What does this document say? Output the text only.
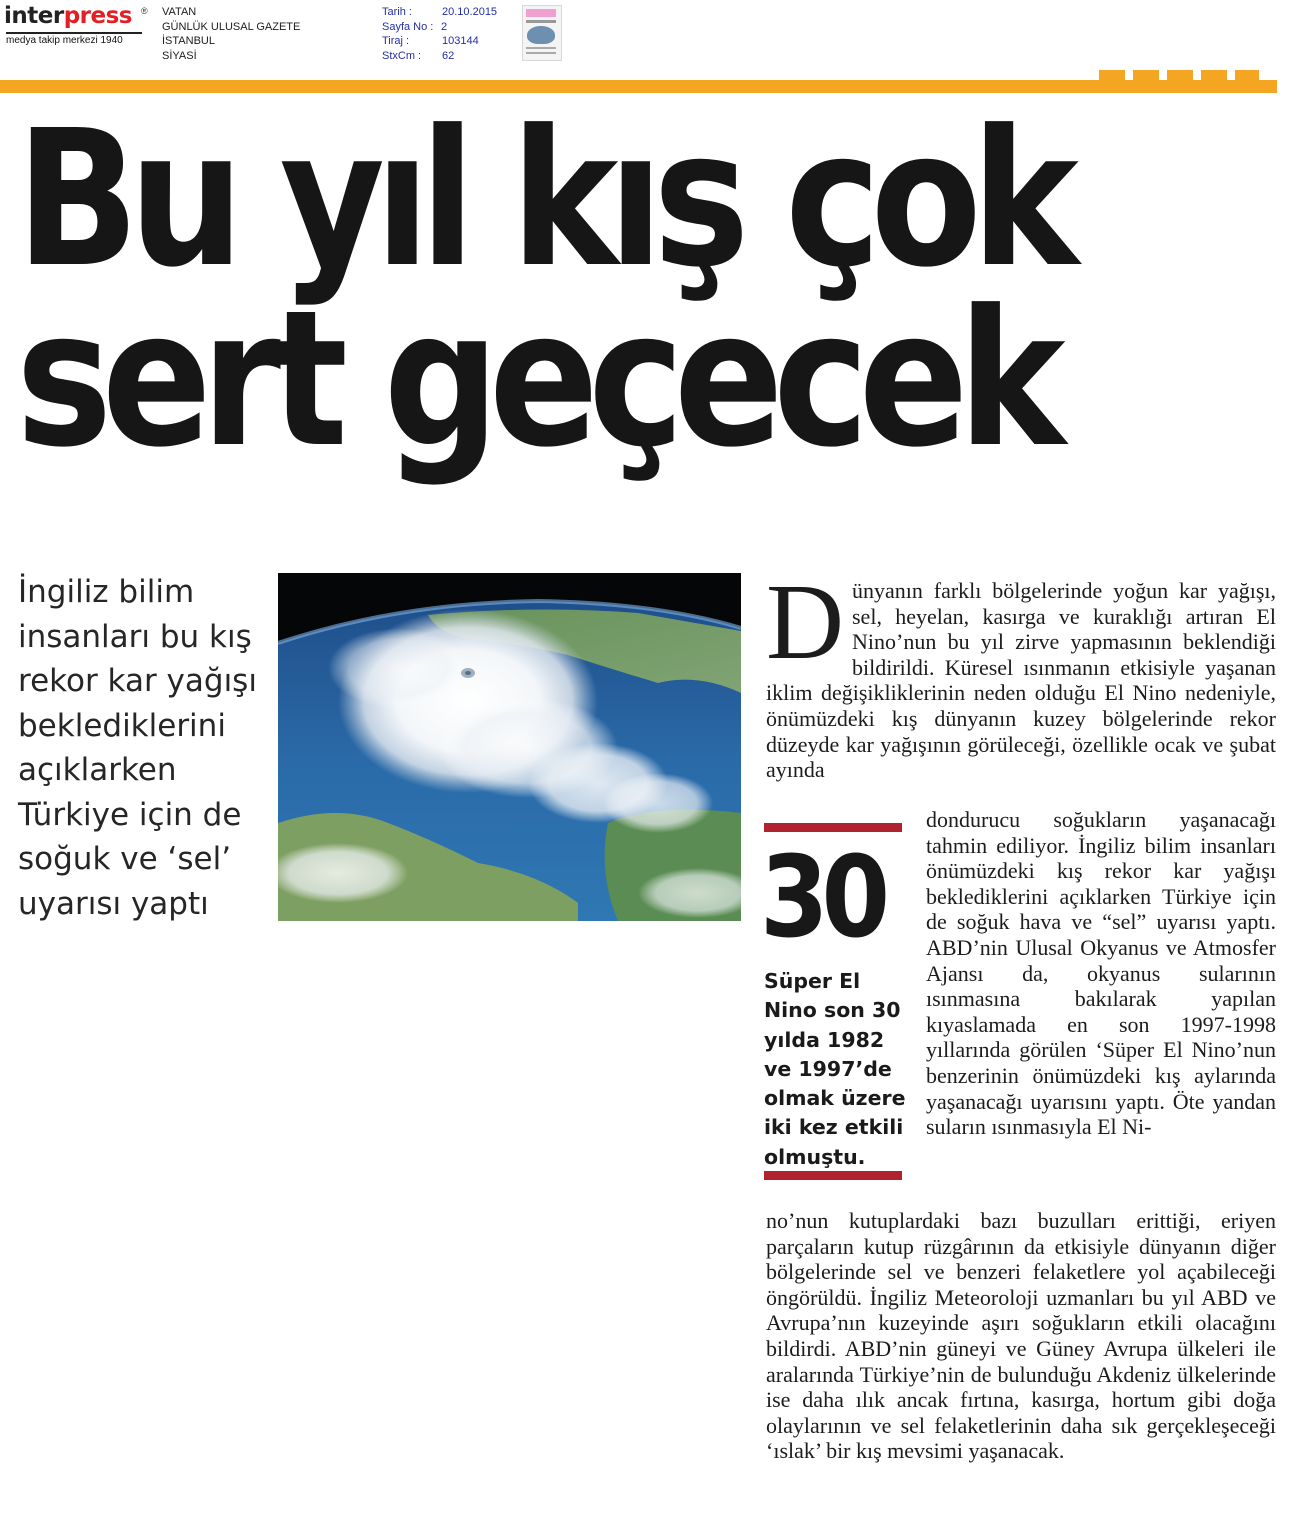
interpress ®
medya takip merkezi 1940
VATAN
GÜNLÜK ULUSAL GAZETE
İSTANBUL
SİYASİ
Tarih :	20.10.2015
Sayfa No : 2
Tiraj :	103144
StxCm : 62
Bu yıl kış çok
sert geçecek

İngiliz bilim insanları bu kış rekor kar yağışı beklediklerini açıklarken Türkiye için de soğuk ve ‘sel’ uyarısı yaptı

Dünyanın farklı bölgelerinde yoğun kar yağışı, sel, heyelan, kasırga ve kuraklığı artıran El Nino’nun bu yıl zirve yapmasının beklendiği bildirildi. Küresel ısınmanın etkisiyle yaşanan iklim değişikliklerinin neden olduğu El Nino nedeniyle, önümüzdeki kış dünyanın kuzey bölgelerinde rekor düzeyde kar yağışının görüleceği, özellikle ocak ve şubat ayında
dondurucu soğukların yaşanacağı tahmin ediliyor. İngiliz bilim insanları önümüzdeki kış rekor kar yağışı beklediklerini açıklarken Türkiye için de soğuk hava ve “sel” uyarısı yaptı. ABD’nin Ulusal Okyanus ve Atmosfer Ajansı da, okyanus sularının ısınmasına bakılarak yapılan kıyaslamada en son 1997-1998 yıllarında görülen ‘Süper El Nino’nun benzerinin önümüzdeki kış aylarında yaşanacağı uyarısını yaptı. Öte yandan suların ısınmasıyla El Ni-
no’nun kutuplardaki bazı buzulları erittiği, eriyen parçaların kutup rüzgârının da etkisiyle dünyanın diğer bölgelerinde sel ve benzeri felaketlere yol açabileceği öngörüldü. İngiliz Meteoroloji uzmanları bu yıl ABD ve Avrupa’nın kuzeyinde aşırı soğukların etkili olacağını bildirdi. ABD’nin güneyi ve Güney Avrupa ülkeleri ile aralarında Türkiye’nin de bulunduğu Akdeniz ülkelerinde ise daha ılık ancak fırtına, kasırga, hortum gibi doğa olaylarının ve sel felaketlerinin daha sık gerçekleşeceği ‘ıslak’ bir kış mevsimi yaşanacak.
30

Süper El Nino son 30 yılda 1982 ve 1997’de olmak üzere iki kez etkili olmuştu.
